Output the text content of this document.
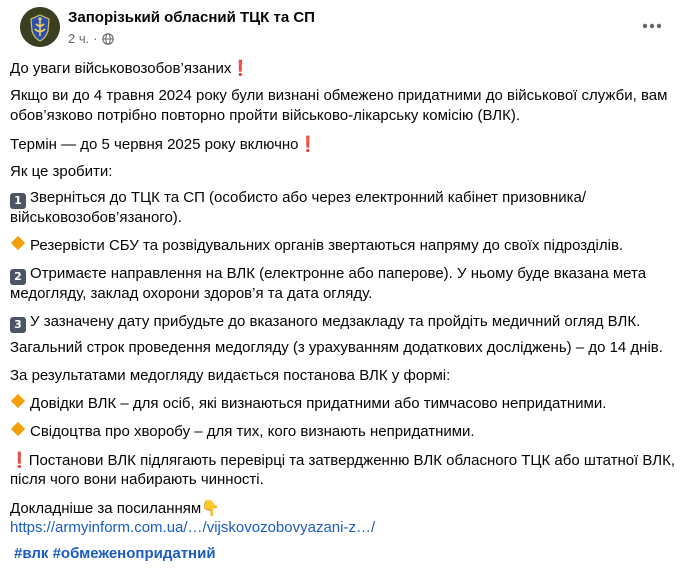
Запорізький обласний ТЦК та СП
2 ч. ·
До уваги військовозобов’язаних❗
Якщо ви до 4 травня 2024 року були визнані обмежено придатними до військової служби, вам
обов’язково потрібно повторно пройти військово-лікарську комісію (ВЛК).
Термін — до 5 червня 2025 року включно❗
Як це зробити:
1 Зверніться до ТЦК та СП (особисто або через електронний кабінет призовника/
військовозобов’язаного).
Резервісти СБУ та розвідувальних органів звертаються напряму до своїх підрозділів.
2 Отримаєте направлення на ВЛК (електронне або паперове). У ньому буде вказана мета
медогляду, заклад охорони здоров’я та дата огляду.
3 У зазначену дату прибудьте до вказаного медзакладу та пройдіть медичний огляд ВЛК.
Загальний строк проведення медогляду (з урахуванням додаткових досліджень) – до 14 днів.
За результатами медогляду видається постанова ВЛК у формі:
Довідки ВЛК – для осіб, які визнаються придатними або тимчасово непридатними.
Свідоцтва про хворобу – для тих, кого визнають непридатними.
❗Постанови ВЛК підлягають перевірці та затвердженню ВЛК обласного ТЦК або штатної ВЛК,
після чого вони набирають чинності.
Докладніше за посиланням👇
https://armyinform.com.ua/…/vijskovozobovyazani-z…/
#влк #обмеженопридатний
